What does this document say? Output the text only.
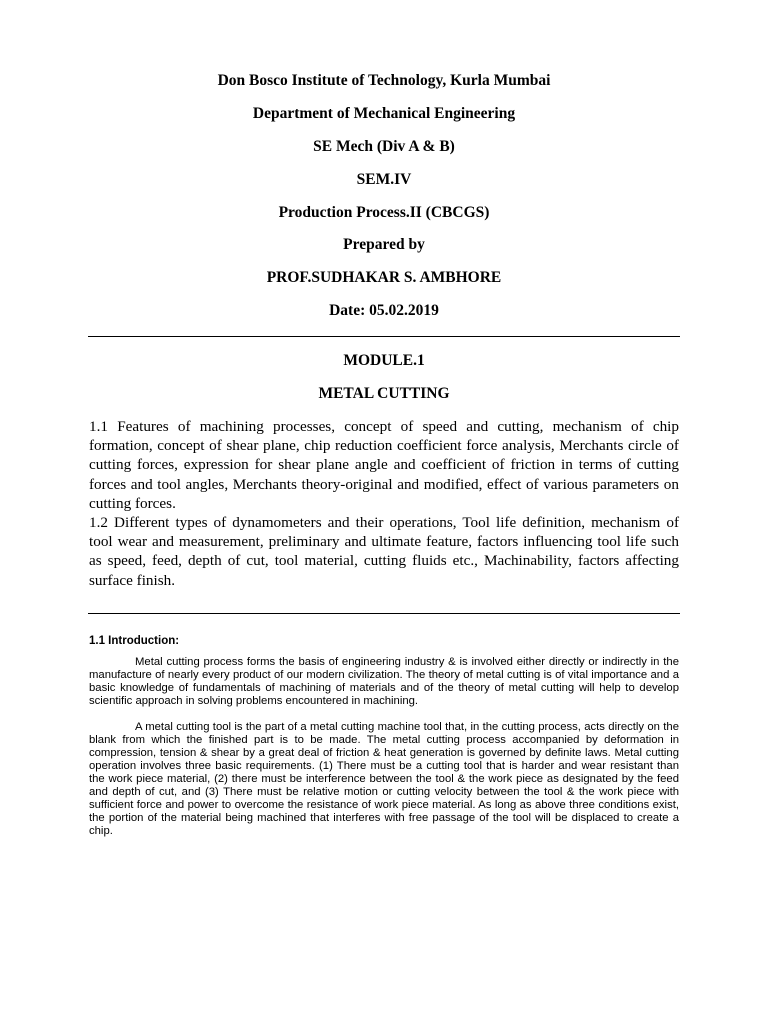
Don Bosco Institute of Technology, Kurla Mumbai
Department of Mechanical Engineering
SE Mech (Div A & B)
SEM.IV
Production Process.II (CBCGS)
Prepared by
PROF.SUDHAKAR S. AMBHORE
Date: 05.02.2019
MODULE.1
METAL CUTTING
1.1 Features of machining processes, concept of speed and cutting, mechanism of chip formation, concept of shear plane, chip reduction coefficient force analysis, Merchants circle of cutting forces, expression for shear plane angle and coefficient of friction in terms of cutting forces and tool angles, Merchants theory-original and modified, effect of various parameters on cutting forces.
1.2 Different types of dynamometers and their operations, Tool life definition, mechanism of tool wear and measurement, preliminary and ultimate feature, factors influencing tool life such as speed, feed, depth of cut, tool material, cutting fluids etc., Machinability, factors affecting surface finish.
1.1 Introduction:
Metal cutting process forms the basis of engineering industry & is involved either directly or indirectly in the manufacture of nearly every product of our modern civilization. The theory of metal cutting is of vital importance and a basic knowledge of fundamentals of machining of materials and of the theory of metal cutting will help to develop scientific approach in solving problems encountered in machining.
A metal cutting tool is the part of a metal cutting machine tool that, in the cutting process, acts directly on the blank from which the finished part is to be made. The metal cutting process accompanied by deformation in compression, tension & shear by a great deal of friction & heat generation is governed by definite laws. Metal cutting operation involves three basic requirements. (1) There must be a cutting tool that is harder and wear resistant than the work piece material, (2) there must be interference between the tool & the work piece as designated by the feed and depth of cut, and (3) There must be relative motion or cutting velocity between the tool & the work piece with sufficient force and power to overcome the resistance of work piece material. As long as above three conditions exist, the portion of the material being machined that interferes with free passage of the tool will be displaced to create a chip.
